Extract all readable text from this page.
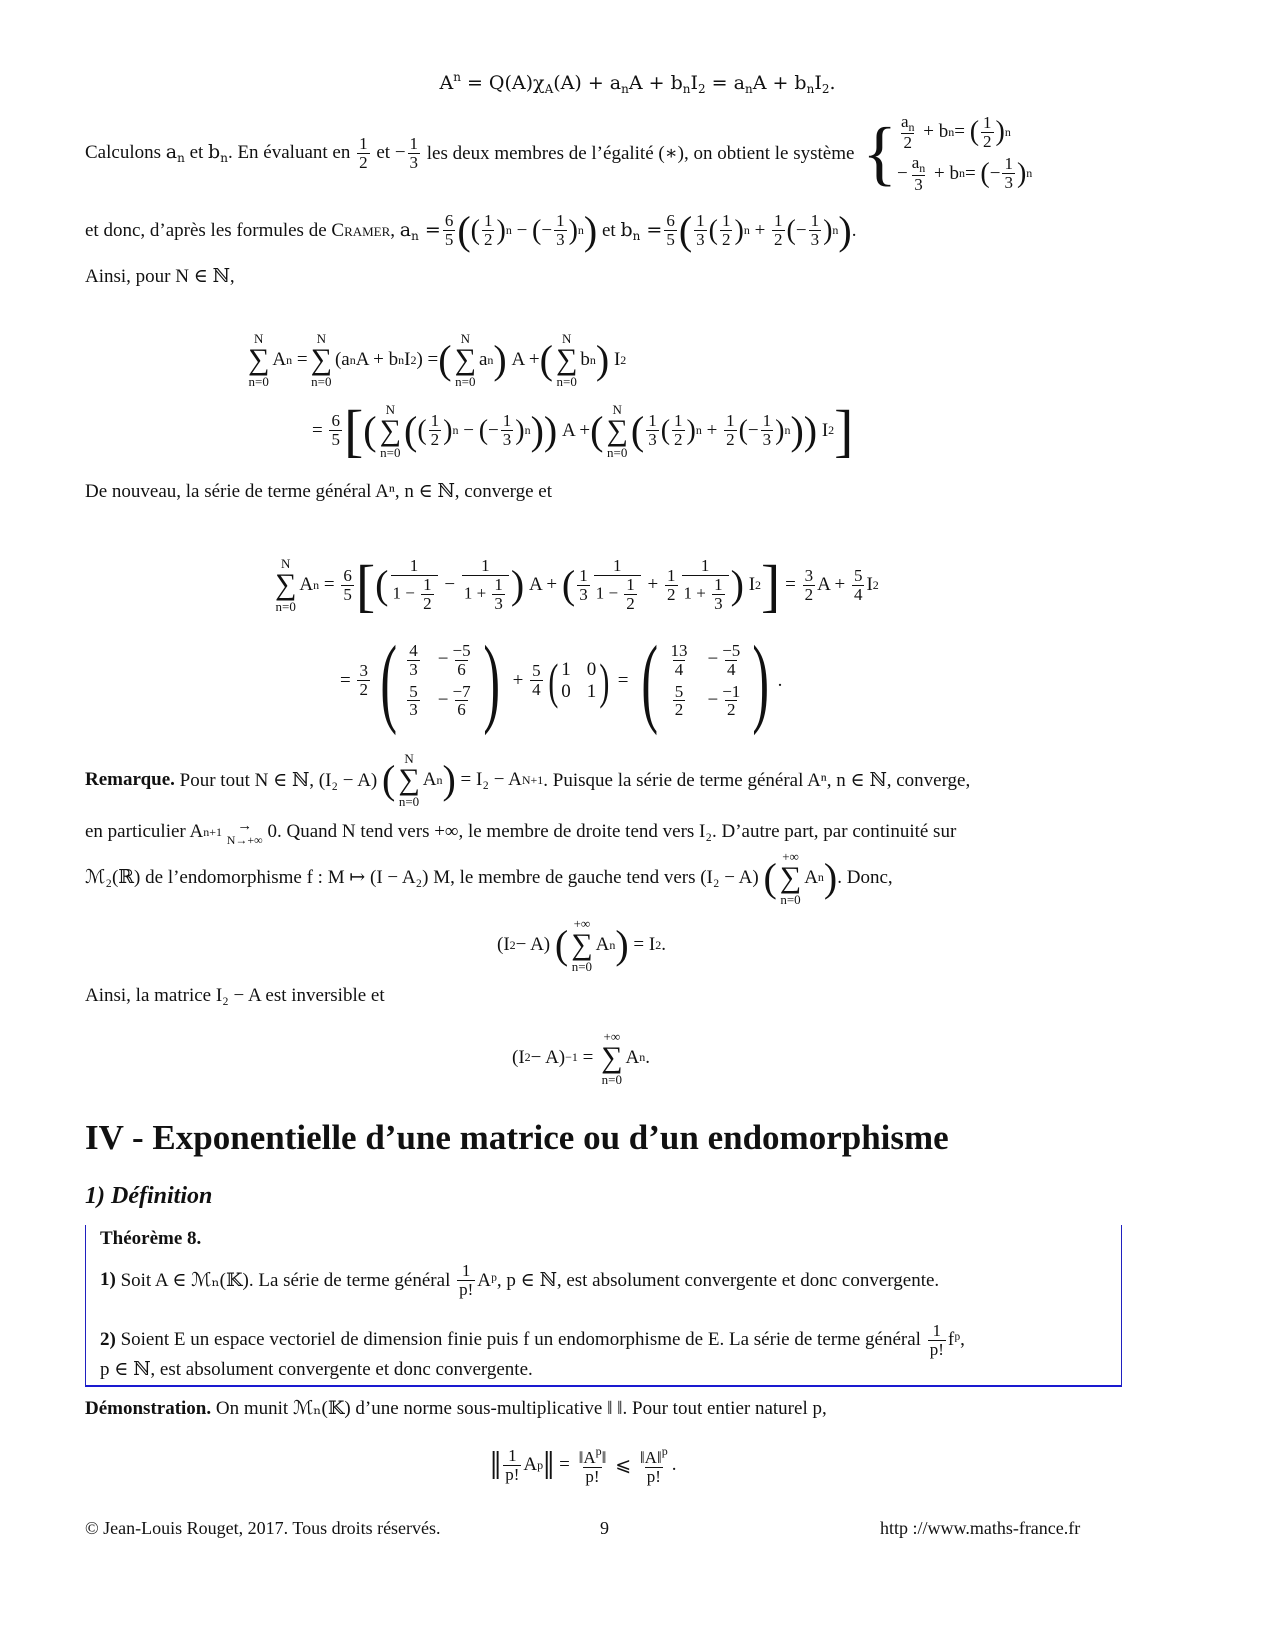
$A^n = Q(A)\chi_A(A) + a_nA + b_nI_2 = a_nA + b_nI_2$.
Calculons
$a_n$
et
$b_n$ . En évaluant en
$\frac{1}{2}$
et − $\frac{1}{3}$
les deux membres de l’égalité (∗), on obtient le système { $\frac{a_n}{2} + b$ n = ( $\frac{1}{2}$ ) n
− $\frac{a_n}{3} + b$ n = ( − $\frac{1}{3}$ ) n
et donc, d’après les formules de
Cramer , $a_n = \frac{6}{5}$ ( ( $\frac{1}{2}$ ) n − ( − $\frac{1}{3}$ ) n )
et
$b_n = \frac{6}{5}$ ( $\frac{1}{3}$ ( $\frac{1}{2}$ ) $n + \frac{1}{2}$ ( − $\frac{1}{3}$ ) n ) .
Ainsi, pour N ∈ ℕ,
N
∑
n=0
A n =
N
∑
n=0
(a n A + b n I 2 ) = ( N
∑
n=0
a n ) A + ( N
∑
n=0
b n ) I 2
= $\frac{6}{5}$ [ ( N
∑
n=0 ( ( $\frac{1}{2}$ ) n − ( − $\frac{1}{3}$ ) n ) ) A + ( N
∑
n=0 ( $\frac{1}{3}$ ( $\frac{1}{2}$ ) $n + \frac{1}{2}$ ( − $\frac{1}{3}$ ) n ) ) I 2 ]
De nouveau, la série de terme général Aⁿ, n ∈ ℕ, converge et
N
∑
n=0
A $n = \frac{6}{5}$ [ ( $\frac{1}{1 - \frac{1}{2}} - \frac{1}{1 + \frac{1}{3}}$ ) A + ( $\frac{1}{3} \frac{1}{1 - \frac{1}{2}} + \frac{1}{2} \frac{1}{1 + \frac{1}{3}}$ ) I 2 ] = $\frac{3}{2}$ $A + \frac{5}{4}$ I 2
= $\frac{3}{2}$ ( $\frac{4}{3} - \frac{-5}{6}$
$\frac{5}{3} - \frac{-7}{6}$ ) + $\frac{5}{4}$ ( 1 0
0 1 ) = ( $\frac{13}{4} - \frac{-5}{4}$
$\frac{5}{2} - \frac{-1}{2}$ ) .
Remarque.
Pour tout N ∈ ℕ, (I₂ − A)
( N
∑
n=0
A n )
= I₂ − A N+1 . Puisque la série de terme général Aⁿ, n ∈ ℕ, converge,
en particulier A n+1
→
N→+∞
0. Quand N tend vers +∞, le membre de droite tend vers I₂. D’autre part, par continuité sur
ℳ₂(ℝ) de l’endomorphisme f : M ↦ (I − A₂) M, le membre de gauche tend vers (I₂ − A)
( +∞
∑
n=0
A n ) . Donc,
(I 2 − A) ( +∞
∑
n=0
A n ) = I 2 .
Ainsi, la matrice I₂ − A est inversible et
(I 2 − A) −1 =
+∞
∑
n=0
A n .
IV - Exponentielle d’une matrice ou d’un endomorphisme
1) Définition
Théorème 8.
1)
Soit A ∈ ℳₙ(𝕂). La série de terme général
$\frac{1}{p!}$ Aᵖ, p ∈ ℕ, est absolument convergente et donc convergente.
2)
Soient E un espace vectoriel de dimension finie puis f un endomorphisme de E. La série de terme général
$\frac{1}{p!}$ fᵖ,
p ∈ ℕ, est absolument convergente et donc convergente.
Démonstration. On munit ℳₙ(𝕂) d’une norme sous-multiplicative ‖ ‖. Pour tout entier naturel p,
‖ $\frac{1}{p!}$ A p ‖ = $\frac{‖A^p‖}{p!}$ ⩽ $\frac{‖A‖^p}{p!}$ .
© Jean-Louis Rouget, 2017. Tous droits réservés.	9	http ://www.maths-france.fr
